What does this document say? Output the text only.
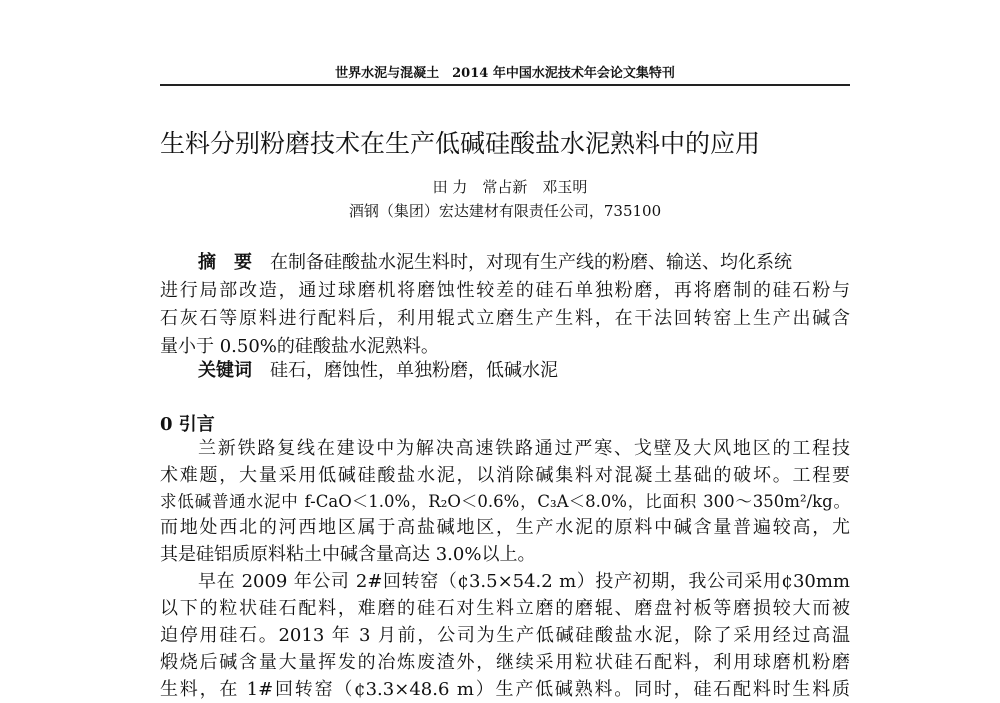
世界水泥与混凝土　2014 年中国水泥技术年会论文集特刊
生料分别粉磨技术在生产低碱硅酸盐水泥熟料中的应用
田 力　常占新　邓玉明
酒钢（集团）宏达建材有限责任公司，735100
摘　要　 在制备硅酸盐水泥生料时，对现有生产线的粉磨、输送、均化系统
进行局部改造，通过球磨机将磨蚀性较差的硅石单独粉磨，再将磨制的硅石粉与
石灰石等原料进行配料后，利用辊式立磨生产生料，在干法回转窑上生产出碱含
量小于 0.50%的硅酸盐水泥熟料。
关键词　 硅石，磨蚀性，单独粉磨，低碱水泥
0 引言
兰新铁路复线在建设中为解决高速铁路通过严寒、戈壁及大风地区的工程技
术难题，大量采用低碱硅酸盐水泥，以消除碱集料对混凝土基础的破坏。工程要
求低碱普通水泥中 f-CaO＜1.0%，R₂O＜0.6%，C₃A＜8.0%，比面积 300～350m²/kg。
而地处西北的河西地区属于高盐碱地区，生产水泥的原料中碱含量普遍较高，尤
其是硅铝质原料粘土中碱含量高达 3.0%以上。
早在 2009 年公司 2#回转窑（¢3.5×54.2 m）投产初期，我公司采用¢30mm
以下的粒状硅石配料，难磨的硅石对生料立磨的磨辊、磨盘衬板等磨损较大而被
迫停用硅石。2013 年 3 月前，公司为生产低碱硅酸盐水泥，除了采用经过高温
煅烧后碱含量大量挥发的冶炼废渣外，继续采用粒状硅石配料，利用球磨机粉磨
生料，在 1#回转窑（¢3.3×48.6 m）生产低碱熟料。同时，硅石配料时生料质
